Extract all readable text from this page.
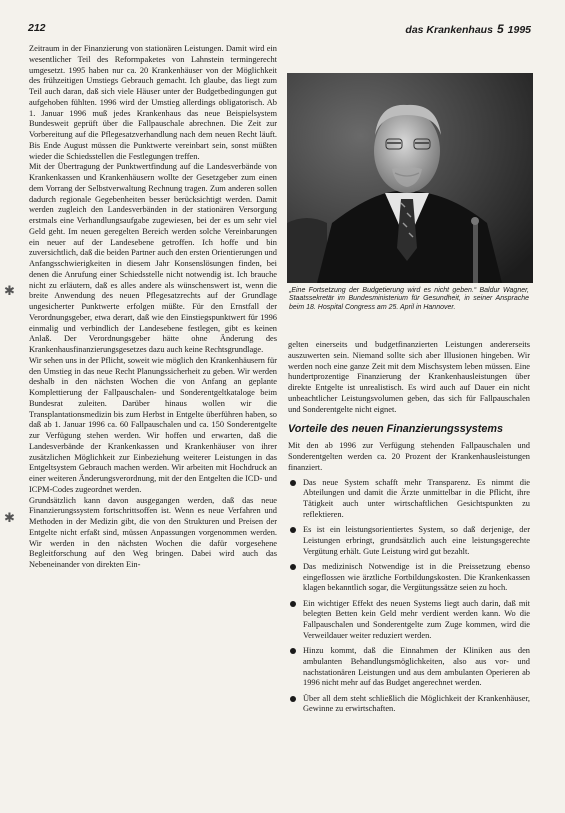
212	das Krankenhaus 5 1995

Zeitraum in der Finanzierung von stationären Leistungen. Damit wird ein wesentlicher Teil des Reformpaketes von Lahnstein termingerecht umgesetzt. 1995 haben nur ca. 20 Krankenhäuser von der Möglichkeit des frühzeitigen Umstiegs Gebrauch gemacht. Ich glaube, das liegt zum Teil auch daran, daß sich viele Häuser unter der Budgetbedingungen gut aufgehoben fühlten. 1996 wird der Umstieg allerdings obligatorisch. Ab 1. Januar 1996 muß jedes Krankenhaus das neue Beispielsystem Bundesweit geprüft über die Fallpauschale abrechnen. Die Zeit zur Vorbereitung auf die Pflegesatzverhandlung nach dem neuen Recht läuft. Bis Ende August müssen die Punktwerte vereinbart sein, sonst müßten wieder die Schiedsstellen die Festlegungen treffen.

Mit der Übertragung der Punktwertfindung auf die Landesverbände von Krankenkassen und Krankenhäusern wollte der Gesetzgeber zum einen dem Vorrang der Selbstverwaltung Rechnung tragen. Zum anderen sollen dadurch regionale Gegebenheiten besser berücksichtigt werden. Damit werden zugleich den Landesverbänden in der stationären Versorgung erstmals eine Verhandlungsaufgabe zugewiesen, bei der es um sehr viel Geld geht. Im neuen geregelten Bereich werden solche Vereinbarungen ein neuer auf der Landesebene getroffen. Ich hoffe und bin zuversichtlich, daß die beiden Partner auch den ersten Orientierungen und Anfangsschwierigkeiten in diesem Jahr Konsenslösungen finden, bei denen die Anrufung einer Schiedsstelle nicht notwendig ist. Ich brauche nicht zu erläutern, daß es alles andere als wünschenswert ist, wenn die breite Anwendung des neuen Pflegesatzrechts auf der Grundlage ungesicherter Punktwerte erfolgen müßte. Für den Ernstfall der Verordnungsgeber, etwa derart, daß wie den Einstiegspunktwert für 1996 einmalig und verbindlich der Landesebene festlegen, gibt es keinen Anlaß. Der Verordnungsgeber hätte ohne Änderung des Krankenhausfinanzierungsgesetzes dazu auch keine Rechtsgrundlage.

Wir sehen uns in der Pflicht, soweit wie möglich den Krankenhäusern für den Umstieg in das neue Recht Planungssicherheit zu geben. Wir werden deshalb in den nächsten Wochen die von Anfang an geplante Komplettierung der Fallpauschalen- und Sonderentgeltkataloge beim Bundesrat zuleiten. Darüber hinaus wollen wir die Transplantationsmedizin bis zum Herbst in Entgelte überführen haben, so daß ab 1. Januar 1996 ca. 60 Fallpauschalen und ca. 150 Sonderentgelte zur Verfügung stehen werden. Wir hoffen und erwarten, daß die Landesverbände der Krankenkassen und Krankenhäuser von ihrer zusätzlichen Möglichkeit zur Einbeziehung weiterer Leistungen in das Entgeltsystem Gebrauch machen werden. Wir arbeiten mit Hochdruck an einer weiteren Änderungsverordnung, mit der den Entgelten die ICD- und ICPM-Codes zugeordnet werden.

Grundsätzlich kann davon ausgegangen werden, daß das neue Finanzierungssystem fortschrittsoffen ist. Wenn es neue Verfahren und Methoden in der Medizin gibt, die von den Strukturen und Preisen der Entgelte nicht erfaßt sind, müssen Anpassungen vorgenommen werden. Wir werden in den nächsten Wochen die dafür vorgesehene Begleitforschung auf den Weg bringen. Dabei wird auch das Nebeneinander von direkten Ein-

✱
✱
„Eine Fortsetzung der Budgetierung wird es nicht geben.“ Baldur Wagner, Staatssekretär im Bundesministerium für Gesundheit, in seiner Ansprache beim 18. Hospital Congress am 25. April in Hannover.

gelten einerseits und budgetfinanzierten Leistungen andererseits auszuwerten sein. Niemand sollte sich aber Illusionen hingeben. Wir werden noch eine ganze Zeit mit dem Mischsystem leben müssen. Eine hundertprozentige Finanzierung der Krankenhausleistungen über direkte Entgelte ist unrealistisch. Es wird auch auf Dauer ein nicht unbeachtlicher Leistungsvolumen geben, das sich für Fallpauschalen und Sonderentgelte nicht eignet.

Vorteile des neuen Finanzierungssystems

Mit den ab 1996 zur Verfügung stehenden Fallpauschalen und Sonderentgelten werden ca. 20 Prozent der Krankenhausleistungen finanziert.

Das neue System schafft mehr Transparenz. Es nimmt die Abteilungen und damit die Ärzte unmittelbar in die Pflicht, ihre Tätigkeit auch unter wirtschaftlichen Gesichtspunkten zu reflektieren.
Es ist ein leistungsorientiertes System, so daß derjenige, der Leistungen erbringt, grundsätzlich auch eine leistungsgerechte Vergütung erhält. Gute Leistung wird gut bezahlt.
Das medizinisch Notwendige ist in die Preissetzung ebenso eingeflossen wie ärztliche Fortbildungskosten. Die Krankenkassen klagen bekanntlich sogar, die Vergütungssätze seien zu hoch.
Ein wichtiger Effekt des neuen Systems liegt auch darin, daß mit belegten Betten kein Geld mehr verdient werden kann. Wo die Fallpauschalen und Sonderentgelte zum Zuge kommen, wird die Verweildauer weiter reduziert werden.
Hinzu kommt, daß die Einnahmen der Kliniken aus den ambulanten Behandlungsmöglichkeiten, also aus vor- und nachstationären Leistungen und aus dem ambulanten Operieren ab 1996 nicht mehr auf das Budget angerechnet werden.
Über all dem steht schließlich die Möglichkeit der Krankenhäuser, Gewinne zu erwirtschaften.
